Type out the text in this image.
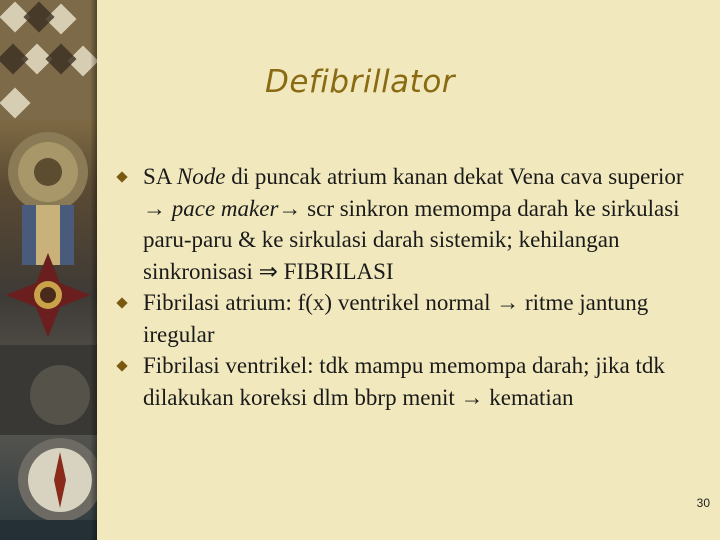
Defibrillator
SA Node di puncak atrium kanan dekat Vena cava superior → pace maker→ scr sinkron memompa darah ke sirkulasi paru-paru & ke sirkulasi darah sistemik; kehilangan sinkronisasi ⇒ FIBRILASI
Fibrilasi atrium: f(x) ventrikel normal → ritme jantung iregular
Fibrilasi ventrikel: tdk mampu memompa darah; jika tdk dilakukan koreksi dlm bbrp menit → kematian
30
